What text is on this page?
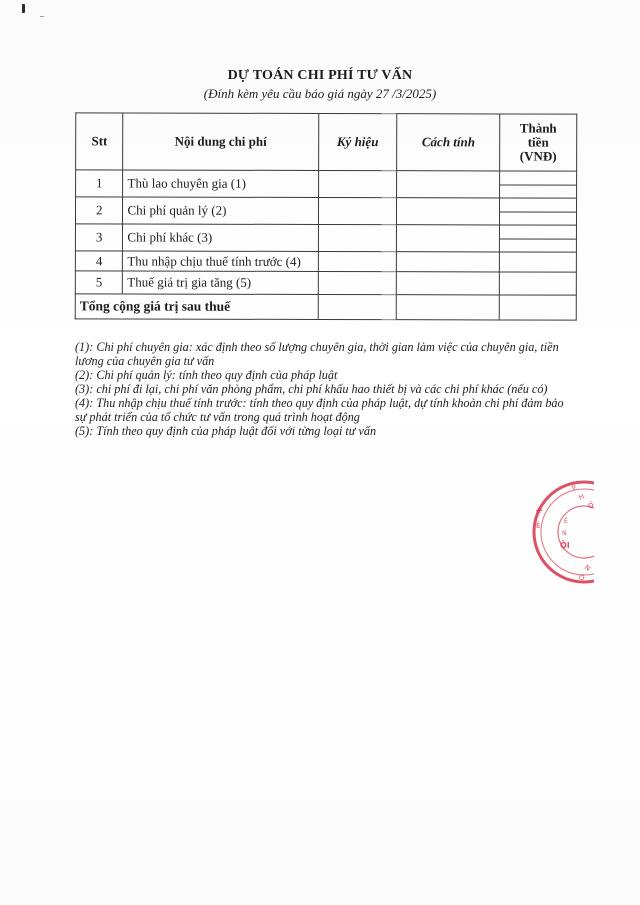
DỰ TOÁN CHI PHÍ TƯ VẤN
(Đính kèm yêu cầu báo giá ngày 27 /3/2025)
Stt	Nội dung chi phí	Ký hiệu	Cách tính	Thành
tiền
(VNĐ)
1	Thù lao chuyên gia (1)			
2	Chi phí quản lý (2)			
3	Chi phí khác (3)			
4	Thu nhập chịu thuế tính trước (4)			
5	Thuế giá trị gia tăng (5)			
Tổng cộng giá trị sau thuế				

(1): Chi phí chuyên gia: xác định theo số lượng chuyên gia, thời gian làm việc của chuyên gia, tiền lương của chuyên gia tư vấn

(2): Chi phí quản lý: tính theo quy định của pháp luật

(3): chi phí đi lại, chi phí văn phòng phẩm, chi phí khấu hao thiết bị và các chi phí khác (nếu có)

(4): Thu nhập chịu thuế tính trước: tính theo quy định của pháp luật, dự tính khoản chi phí đảm bảo sự phát triển của tổ chức tư vấn trong quá trình hoạt động

(5): Tính theo quy định của pháp luật đối với từng loại tư vấn

P
H
Ô
N
Ê
Ê
N
ỘI
N
Ô
